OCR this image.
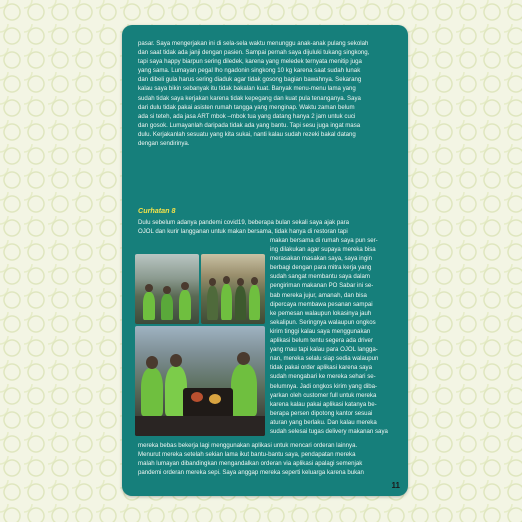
pasar. Saya mengerjakan ini di sela-sela waktu menunggu anak-anak pulang sekolah
dan saat tidak ada janji dengan pasien. Sampai pernah saya dijuluki tukang singkong,
tapi saya happy biarpun sering diledek, karena yang meledek ternyata menitip juga
yang sama. Lumayan pegal lho ngadonin singkong 10 kg karena saat sudah lunak
dan dibeli gula harus sering diaduk agar tidak gosong bagian bawahnya. Sekarang
kalau saya bikin sebanyak itu tidak bakalan kuat. Banyak menu-menu lama yang
sudah tidak saya kerjakan karena tidak kepegang dan kuat pula tenanganya. Saya
dari dulu tidak pakai asisten rumah tangga yang menginap. Waktu zaman belum
ada si teteh, ada jasa ART mbok –mbok tua yang datang hanya 2 jam untuk cuci
dan gosok. Lumayanlah daripada tidak ada yang bantu. Tapi sesu juga ingat masa
dulu. Kerjakanlah sesuatu yang kita sukai, nanti kalau sudah rezeki bakal datang
dengan sendirinya.
Curhatan 8
Dulu sebelum adanya pandemi covid19, beberapa bulan sekali saya ajak para
OJOL dan kurir langganan untuk makan bersama, tidak hanya di restoran tapi
makan bersama di rumah saya pun ser-
ing dilakukan agar supaya mereka bisa
merasakan masakan saya, saya ingin
berbagi dengan para mitra kerja yang
sudah sangat membantu saya dalam
pengiriman makanan PO Sabar ini se-
bab mereka jujur, amanah, dan bisa
dipercaya membawa pesanan sampai
ke pemesan walaupun lokasinya jauh
sekalipun. Seringnya walaupun ongkos
kirim tinggi kalau saya menggunakan
aplikasi belum tentu segera ada driver
yang mau tapi kalau para OJOL langga-
nan, mereka selalu siap sedia walaupun
tidak pakai order aplikasi karena saya
sudah mengabari ke mereka sehari se-
belumnya. Jadi ongkos kirim yang diba-
yarkan oleh customer full untuk mereka
karena kalau pakai aplikasi katanya be-
berapa persen dipotong kantor sesuai
aturan yang berlaku. Dan kalau mereka
sudah selesai tugas delivery makanan saya
mereka bebas bekerja lagi menggunakan aplikasi untuk mencari orderan lainnya.
Menurut mereka setelah sekian lama ikut bantu-bantu saya, pendapatan mereka
malah lumayan dibandingkan mengandalkan orderan via aplikasi apalagi semenjak
pandemi orderan mereka sepi. Saya anggap mereka seperti keluarga karena bukan
11
